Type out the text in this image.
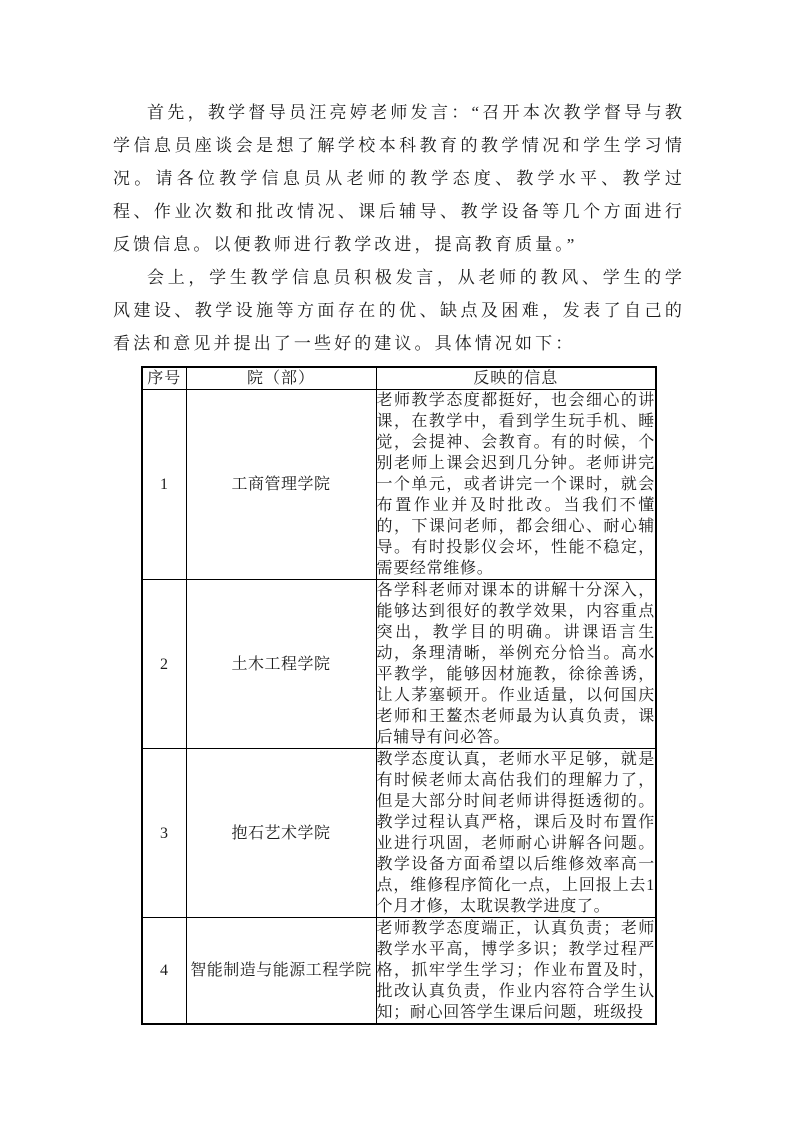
首先，教学督导员汪亮婷老师发言：“召开本次教学督导与教学信息员座谈会是想了解学校本科教育的教学情况和学生学习情况。请各位教学信息员从老师的教学态度、教学水平、教学过程、作业次数和批改情况、课后辅导、教学设备等几个方面进行反馈信息。以便教师进行教学改进，提高教育质量。”

会上，学生教学信息员积极发言，从老师的教风、学生的学风建设、教学设施等方面存在的优、缺点及困难，发表了自己的看法和意见并提出了一些好的建议。具体情况如下：

序号	院（部）	反映的信息
1	工商管理学院	老师教学态度都挺好，也会细心的讲课，在教学中，看到学生玩手机、睡觉，会提神、会教育。有的时候，个别老师上课会迟到几分钟。老师讲完一个单元，或者讲完一个课时，就会布置作业并及时批改。当我们不懂的，下课问老师，都会细心、耐心辅导。有时投影仪会坏，性能不稳定，需要经常维修。
2	土木工程学院	各学科老师对课本的讲解十分深入，能够达到很好的教学效果，内容重点突出，教学目的明确。讲课语言生动，条理清晰，举例充分恰当。高水平教学，能够因材施教，徐徐善诱，让人茅塞顿开。作业适量，以何国庆老师和王鳌杰老师最为认真负责，课后辅导有问必答。
3	抱石艺术学院	教学态度认真，老师水平足够，就是有时候老师太高估我们的理解力了，但是大部分时间老师讲得挺透彻的。教学过程认真严格，课后及时布置作业进行巩固，老师耐心讲解各问题。教学设备方面希望以后维修效率高一点，维修程序简化一点，上回报上去1个月才修，太耽误教学进度了。
4	智能制造与能源工程学院	老师教学态度端正，认真负责；老师教学水平高，博学多识；教学过程严格，抓牢学生学习；作业布置及时，批改认真负责，作业内容符合学生认知；耐心回答学生课后问题，班级投
